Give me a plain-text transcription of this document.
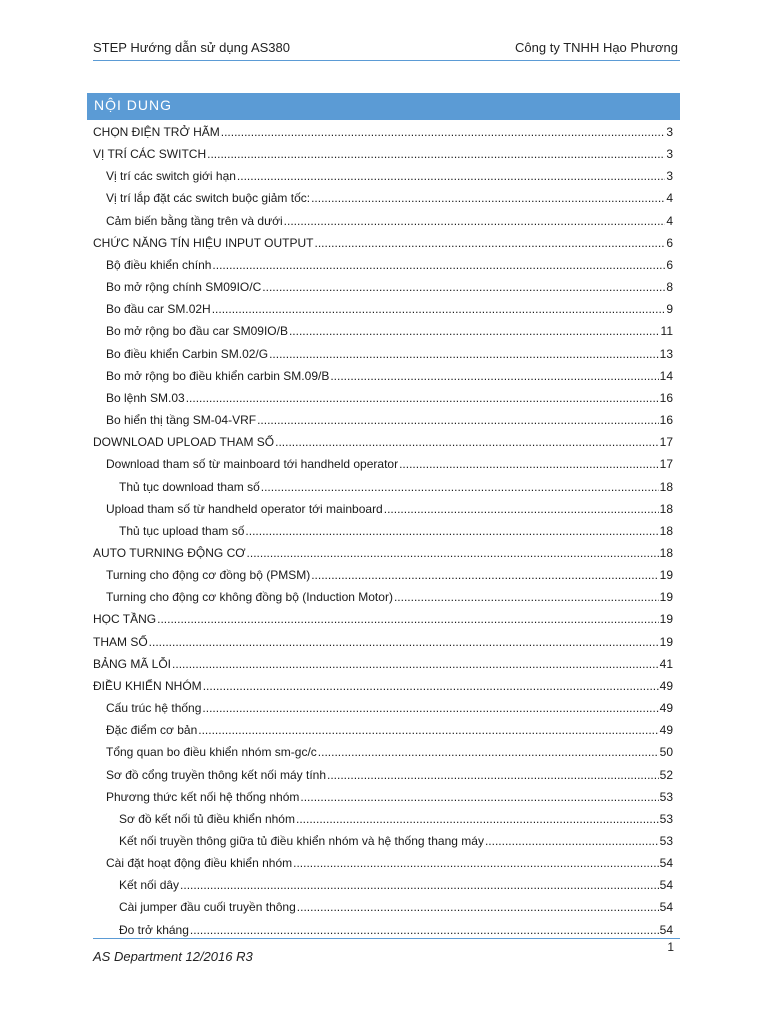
STEP Hướng dẫn sử dụng AS380	Công ty TNHH Hạo Phương
NỘI DUNG
CHỌN ĐIỆN TRỞ HÃM .....	3
VỊ TRÍ CÁC SWITCH .....	3
Vị trí các switch giới hạn .....	3
Vị trí lắp đặt các switch buộc giảm tốc: .....	4
Cảm biến bằng tầng trên và dưới .....	4
CHỨC NĂNG TÍN HIỆU INPUT OUTPUT .....	6
Bộ điều khiển chính .....	6
Bo mở rộng chính SM09IO/C .....	8
Bo đầu car SM.02H .....	9
Bo mở rộng bo đầu car SM09IO/B .....	11
Bo điều khiển Carbin SM.02/G .....	13
Bo mở rộng bo điều khiển carbin SM.09/B .....	14
Bo lệnh SM.03 .....	16
Bo hiển thị tầng SM-04-VRF .....	16
DOWNLOAD UPLOAD THAM SỐ .....	17
Download tham số từ mainboard tới handheld operator .....	17
Thủ tục download tham số .....	18
Upload tham số từ handheld operator tới mainboard .....	18
Thủ tục upload tham số .....	18
AUTO TURNING ĐỘNG CƠ .....	18
Turning cho động cơ đồng bộ (PMSM) .....	19
Turning cho động cơ không đồng bộ (Induction Motor) .....	19
HỌC TẦNG .....	19
THAM SỐ .....	19
BẢNG MÃ LỖI .....	41
ĐIỀU KHIỂN NHÓM .....	49
Cấu trúc hệ thống .....	49
Đặc điểm cơ bản .....	49
Tổng quan bo điều khiển nhóm sm-gc/c .....	50
Sơ đồ cổng truyền thông kết nối máy tính .....	52
Phương thức kết nối hệ thống nhóm .....	53
Sơ đồ kết nối tủ điều khiển nhóm .....	53
Kết nối truyền thông giữa tủ điều khiển nhóm và hệ thống thang máy .....	53
Cài đặt hoạt động điều khiển nhóm .....	54
Kết nối dây .....	54
Cài jumper đầu cuối truyền thông .....	54
Đo trở kháng .....	54
1
AS Department 12/2016 R3
